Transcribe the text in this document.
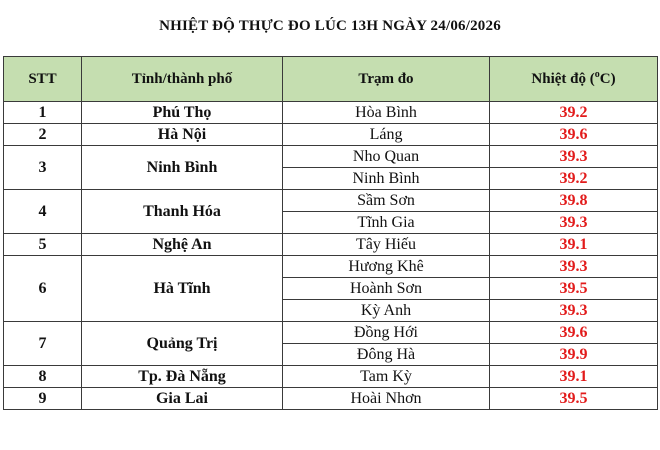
NHIỆT ĐỘ THỰC ĐO LÚC 13H NGÀY 24/06/2026
STT	Tỉnh/thành phố	Trạm đo	Nhiệt độ ($^o$C)
1	Phú Thọ	Hòa Bình	39.2
2	Hà Nội	Láng	39.6
3	Ninh Bình	Nho Quan	39.3
		Ninh Bình	39.2
4	Thanh Hóa	Sầm Sơn	39.8
		Tĩnh Gia	39.3
5	Nghệ An	Tây Hiếu	39.1
6	Hà Tĩnh	Hương Khê	39.3
		Hoành Sơn	39.5
		Kỳ Anh	39.3
7	Quảng Trị	Đồng Hới	39.6
		Đông Hà	39.9
8	Tp. Đà Nẵng	Tam Kỳ	39.1
9	Gia Lai	Hoài Nhơn	39.5
